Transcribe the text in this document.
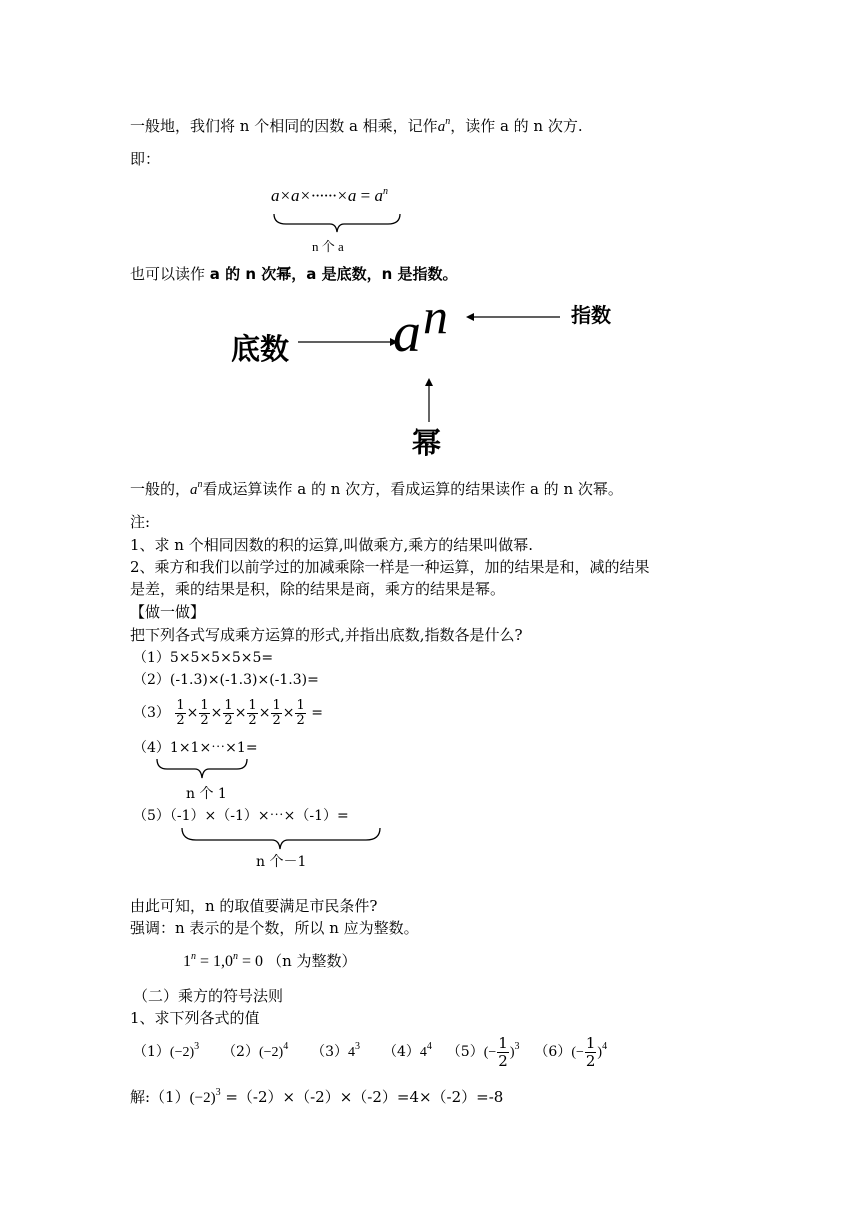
一般地，我们将 n 个相同的因数 a 相乘，记作$a^n$，读作 a 的 n 次方.
即：
$a\times a\times\cdot\cdot\cdot\cdot\cdot\cdot\times a = a^n$
n 个 a
也可以读作 a 的 n 次幂，a 是底数，n 是指数。
底数 a n	指数
幂
一般的，$a^n$看成运算读作 a 的 n 次方，看成运算的结果读作 a 的 n 次幂。
注:
1、求 n 个相同因数的积的运算,叫做乘方,乘方的结果叫做幂.
2、乘方和我们以前学过的加减乘除一样是一种运算，加的结果是和，减的结果
是差，乘的结果是积，除的结果是商，乘方的结果是幂。
【做一做】
把下列各式写成乘方运算的形式,并指出底数,指数各是什么?
（1）5×5×5×5×5=
（2）(-1.3)×(-1.3)×(-1.3)=
$(3) \frac{1}{2} \times \frac{1}{2} \times \frac{1}{2} \times \frac{1}{2} \times \frac{1}{2} \times \frac{1}{2}$ =
（4）1×1×⋯×1=
n 个 1
（5）（-1）×（-1）×⋯×（-1）=
n 个－1
由此可知，n 的取值要满足市民条件?
强调：n 表示的是个数，所以 n 应为整数。
$1^n = 1,0^n = 0$ （n 为整数）
（二）乘方的符号法则
1、求下列各式的值
$(1)(-2)^3$ $(2)(-2)^4$ $(3)4^3$ $(4)4^4$ $(5)(- \frac{1}{2} )^3$ $(6)(- \frac{1}{2} )^4$
解$:(1)(-2)^3 =(-2)\times(-2)\times(-2)=4\times(-2)=-8$
